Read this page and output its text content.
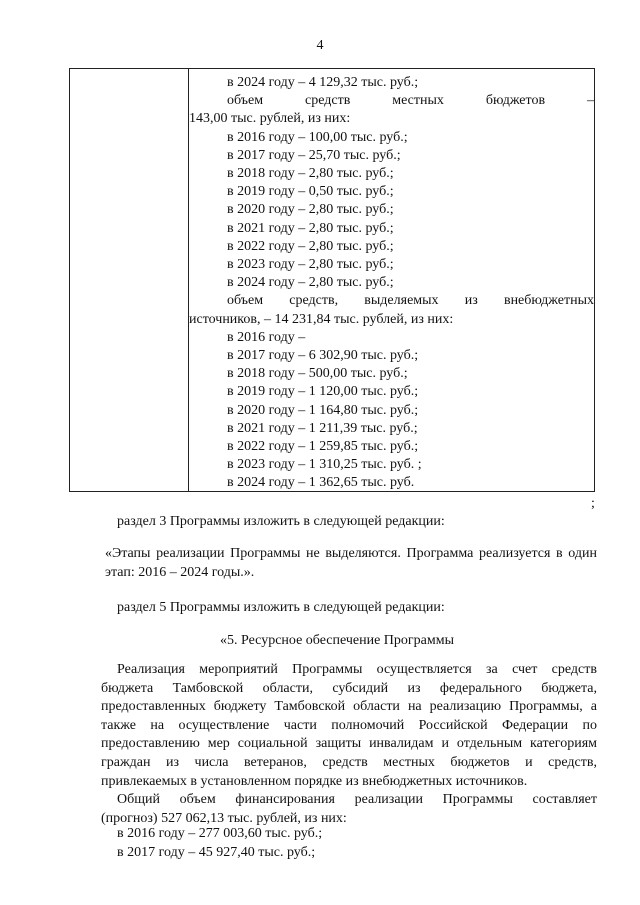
4
в 2024 году – 4 129,32 тыс. руб.;
объем средств местных бюджетов –
143,00 тыс. рублей, из них:
в 2016 году – 100,00 тыс. руб.;
в 2017 году – 25,70 тыс. руб.;
в 2018 году – 2,80 тыс. руб.;
в 2019 году – 0,50 тыс. руб.;
в 2020 году – 2,80 тыс. руб.;
в 2021 году – 2,80 тыс. руб.;
в 2022 году – 2,80 тыс. руб.;
в 2023 году – 2,80 тыс. руб.;
в 2024 году – 2,80 тыс. руб.;
объем средств, выделяемых из внебюджетных
источников, – 14 231,84 тыс. рублей, из них:
в 2016 году –
в 2017 году – 6 302,90 тыс. руб.;
в 2018 году – 500,00 тыс. руб.;
в 2019 году – 1 120,00 тыс. руб.;
в 2020 году – 1 164,80 тыс. руб.;
в 2021 году – 1 211,39 тыс. руб.;
в 2022 году – 1 259,85 тыс. руб.;
в 2023 году – 1 310,25 тыс. руб. ;
в 2024 году – 1 362,65 тыс. руб.
;
раздел 3 Программы изложить в следующей редакции:
«Этапы реализации Программы не выделяются. Программа реализуется в один этап: 2016 – 2024 годы.».
раздел 5 Программы изложить в следующей редакции:
«5. Ресурсное обеспечение Программы
Реализация мероприятий Программы осуществляется за счет средств
бюджета Тамбовской области, субсидий из федерального бюджета,
предоставленных бюджету Тамбовской области на реализацию Программы, а
также на осуществление части полномочий Российской Федерации по
предоставлению мер социальной защиты инвалидам и отдельным категориям
граждан из числа ветеранов, средств местных бюджетов и средств,
привлекаемых в установленном порядке из внебюджетных источников.
Общий объем финансирования реализации Программы составляет
(прогноз) 527 062,13 тыс. рублей, из них:
в 2016 году – 277 003,60 тыс. руб.;
в 2017 году – 45 927,40 тыс. руб.;
